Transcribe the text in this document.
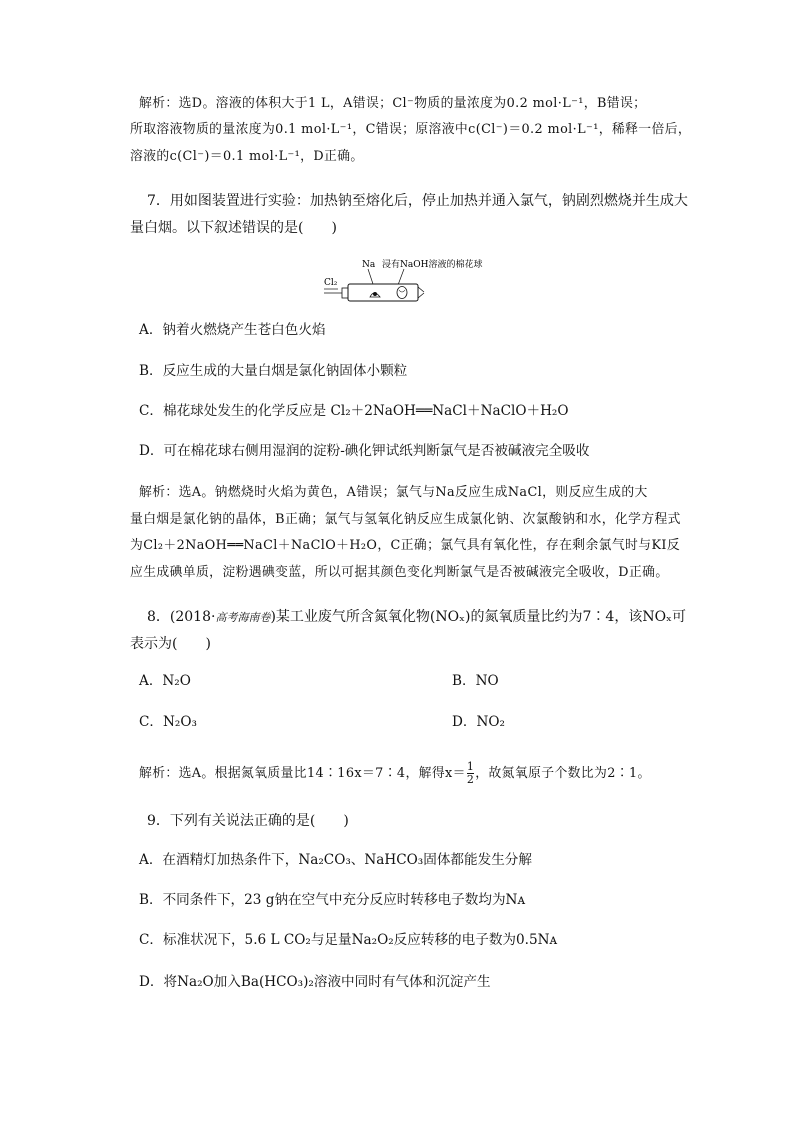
解析：选D。溶液的体积大于1 L，A错误；Cl⁻物质的量浓度为0.2 mol·L⁻¹，B错误；
所取溶液物质的量浓度为0.1 mol·L⁻¹，C错误；原溶液中c(Cl⁻)＝0.2 mol·L⁻¹，稀释一倍后，
溶液的c(Cl⁻)＝0.1 mol·L⁻¹，D正确。
7．用如图装置进行实验：加热钠至熔化后，停止加热并通入氯气，钠剧烈燃烧并生成大
量白烟。以下叙述错误的是(　　)
Na 浸有NaOH溶液的棉花球
Cl₂
A．钠着火燃烧产生苍白色火焰
B．反应生成的大量白烟是氯化钠固体小颗粒
C．棉花球处发生的化学反应是 Cl₂＋2NaOH══NaCl＋NaClO＋H₂O
D．可在棉花球右侧用湿润的淀粉-碘化钾试纸判断氯气是否被碱液完全吸收
解析：选A。钠燃烧时火焰为黄色，A错误；氯气与Na反应生成NaCl，则反应生成的大
量白烟是氯化钠的晶体，B正确；氯气与氢氧化钠反应生成氯化钠、次氯酸钠和水，化学方程式
为Cl₂＋2NaOH══NaCl＋NaClO＋H₂O，C正确；氯气具有氧化性，存在剩余氯气时与KI反
应生成碘单质，淀粉遇碘变蓝，所以可据其颜色变化判断氯气是否被碱液完全吸收，D正确。
8．(2018·高考海南卷)某工业废气所含氮氧化物(NOₓ)的氮氧质量比约为7∶4，该NOₓ可
表示为(　　)
A．N₂O	B．NO
C．N₂O₃	D．NO₂
解析：选A。根据氮氧质量比14∶16x＝7∶4，解得$x= \frac{1}{2}$ ，故氮氧原子个数比为2∶1。
9．下列有关说法正确的是(　　)
A．在酒精灯加热条件下，Na₂CO₃、NaHCO₃固体都能发生分解
B．不同条件下，23 g钠在空气中充分反应时转移电子数均为Nᴀ
C．标准状况下，5.6 L CO₂与足量Na₂O₂反应转移的电子数为0.5Nᴀ
D．将Na₂O加入Ba(HCO₃)₂溶液中同时有气体和沉淀产生
